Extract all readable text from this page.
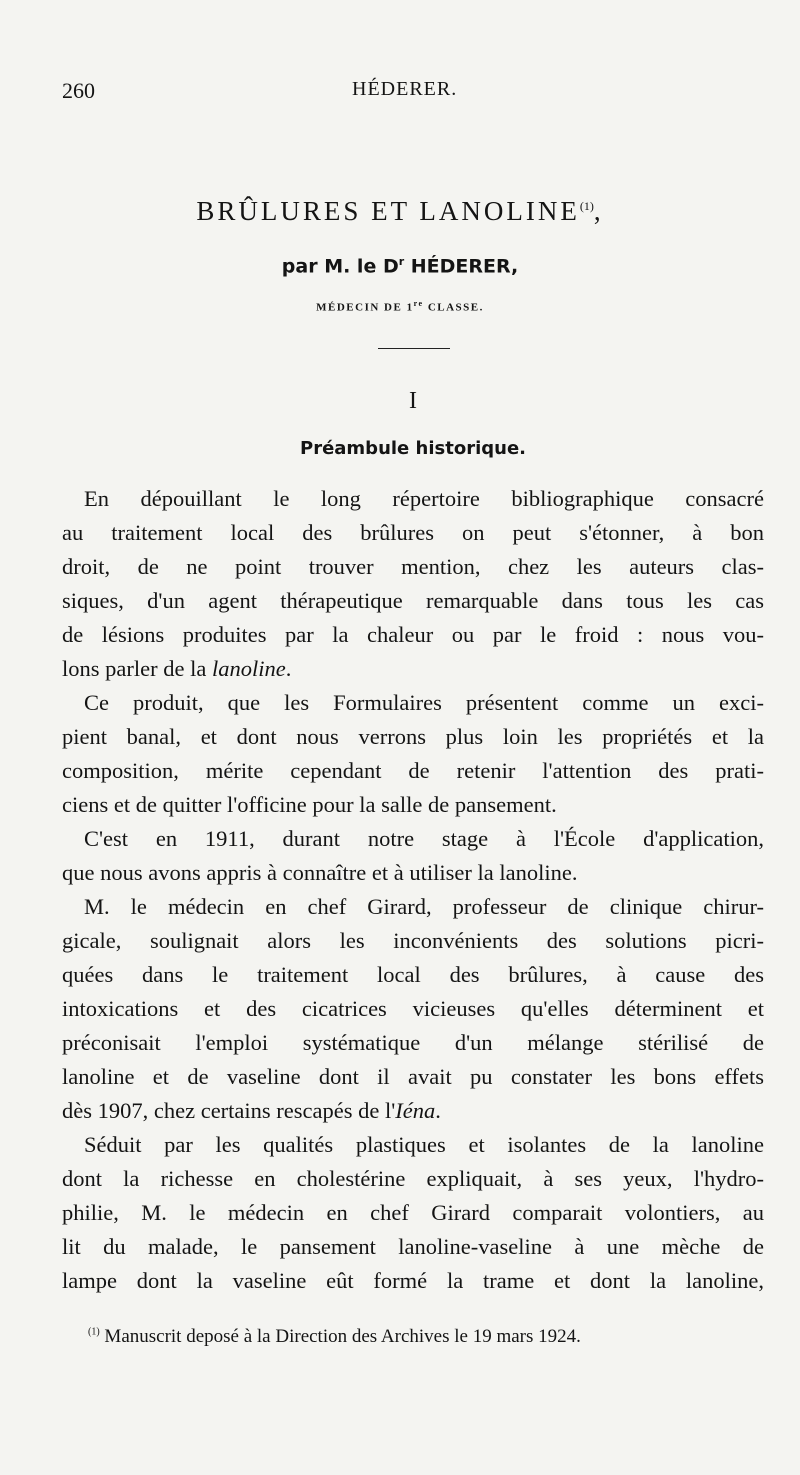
260	HÉDERER.
BRÛLURES ET LANOLINE$^{(1)}$,
par M. le $D^r$ HÉDERER,
MÉDECIN DE 1re CLASSE.
I
Préambule historique.
En dépouillant le long répertoire bibliographique consacré
au traitement local des brûlures on peut s'étonner, à bon
droit, de ne point trouver mention, chez les auteurs clas-
siques, d'un agent thérapeutique remarquable dans tous les cas
de lésions produites par la chaleur ou par le froid : nous vou-
lons parler de la lanoline.
Ce produit, que les Formulaires présentent comme un exci-
pient banal, et dont nous verrons plus loin les propriétés et la
composition, mérite cependant de retenir l'attention des prati-
ciens et de quitter l'officine pour la salle de pansement.
C'est en 1911, durant notre stage à l'École d'application,
que nous avons appris à connaître et à utiliser la lanoline.
M. le médecin en chef Girard, professeur de clinique chirur-
gicale, soulignait alors les inconvénients des solutions picri-
quées dans le traitement local des brûlures, à cause des
intoxications et des cicatrices vicieuses qu'elles déterminent et
préconisait l'emploi systématique d'un mélange stérilisé de
lanoline et de vaseline dont il avait pu constater les bons effets
dès 1907, chez certains rescapés de l'Iéna.
Séduit par les qualités plastiques et isolantes de la lanoline
dont la richesse en cholestérine expliquait, à ses yeux, l'hydro-
philie, M. le médecin en chef Girard comparait volontiers, au
lit du malade, le pansement lanoline-vaseline à une mèche de
lampe dont la vaseline eût formé la trame et dont la lanoline,
$^{(1)}$ Manuscrit deposé à la Direction des Archives le 19 mars 1924.
